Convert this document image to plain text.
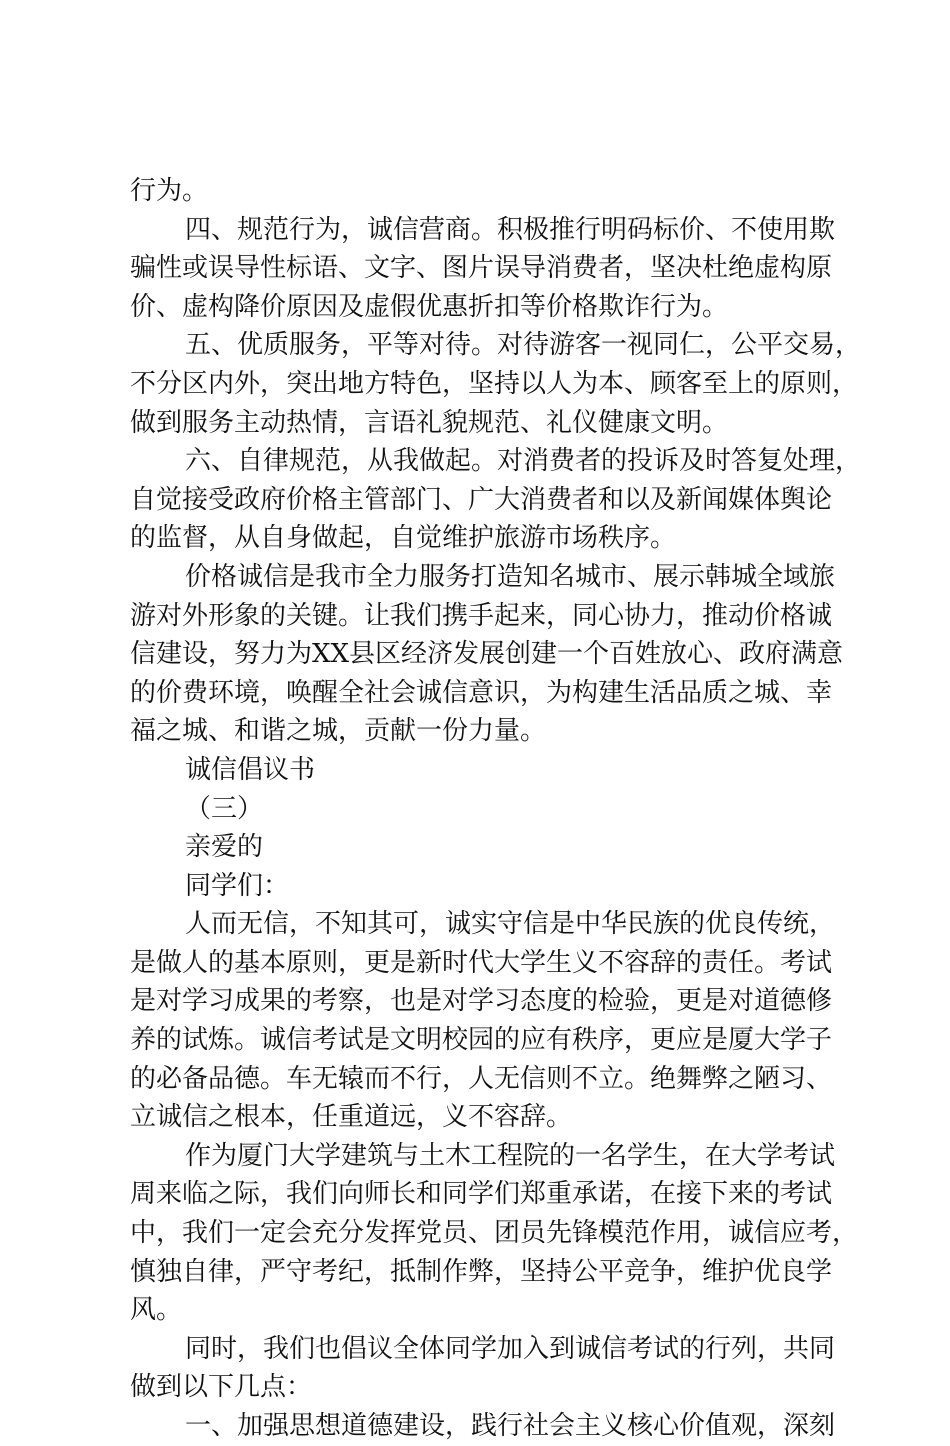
行为。
四、规范行为，诚信营商。积极推行明码标价、不使用欺
骗性或误导性标语、文字、图片误导消费者，坚决杜绝虚构原
价、虚构降价原因及虚假优惠折扣等价格欺诈行为。
五、优质服务，平等对待。对待游客一视同仁，公平交易，
不分区内外，突出地方特色，坚持以人为本、顾客至上的原则，
做到服务主动热情，言语礼貌规范、礼仪健康文明。
六、自律规范，从我做起。对消费者的投诉及时答复处理，
自觉接受政府价格主管部门、广大消费者和以及新闻媒体舆论
的监督，从自身做起，自觉维护旅游市场秩序。
价格诚信是我市全力服务打造知名城市、展示韩城全域旅
游对外形象的关键。让我们携手起来，同心协力，推动价格诚
信建设，努力为XX县区经济发展创建一个百姓放心、政府满意
的价费环境，唤醒全社会诚信意识，为构建生活品质之城、幸
福之城、和谐之城，贡献一份力量。
诚信倡议书
（三）
亲爱的
同学们：
人而无信，不知其可，诚实守信是中华民族的优良传统，
是做人的基本原则，更是新时代大学生义不容辞的责任。考试
是对学习成果的考察，也是对学习态度的检验，更是对道德修
养的试炼。诚信考试是文明校园的应有秩序，更应是厦大学子
的必备品德。车无辕而不行，人无信则不立。绝舞弊之陋习、
立诚信之根本，任重道远，义不容辞。
作为厦门大学建筑与土木工程院的一名学生，在大学考试
周来临之际，我们向师长和同学们郑重承诺，在接下来的考试
中，我们一定会充分发挥党员、团员先锋模范作用，诚信应考，
慎独自律，严守考纪，抵制作弊，坚持公平竞争，维护优良学
风。
同时，我们也倡议全体同学加入到诚信考试的行列，共同
做到以下几点：
一、加强思想道德建设，践行社会主义核心价值观，深刻
